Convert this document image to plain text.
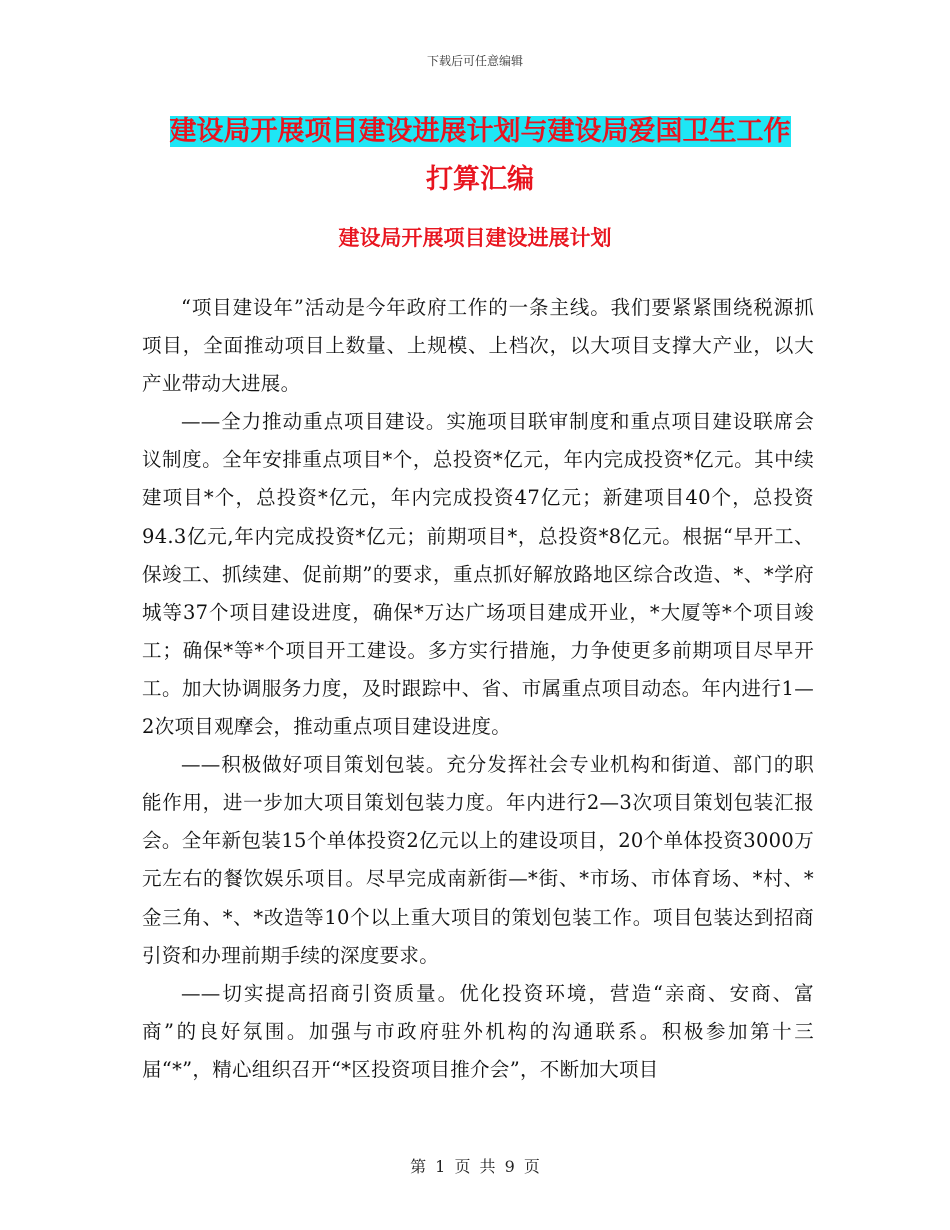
下载后可任意编辑
建设局开展项目建设进展计划与建设局爱国卫生工作
打算汇编
建设局开展项目建设进展计划

“项目建设年”活动是今年政府工作的一条主线。我们要紧紧围绕税源抓项目，全面推动项目上数量、上规模、上档次，以大项目支撑大产业，以大产业带动大进展。

——全力推动重点项目建设。实施项目联审制度和重点项目建设联席会议制度。全年安排重点项目*个，总投资*亿元，年内完成投资*亿元。其中续建项目*个，总投资*亿元，年内完成投资47亿元；新建项目40个，总投资94.3亿元,年内完成投资*亿元；前期项目*，总投资*8亿元。根据“早开工、保竣工、抓续建、促前期”的要求，重点抓好解放路地区综合改造、*、*学府城等37个项目建设进度，确保*万达广场项目建成开业，*大厦等*个项目竣工；确保*等*个项目开工建设。多方实行措施，力争使更多前期项目尽早开工。加大协调服务力度，及时跟踪中、省、市属重点项目动态。年内进行1—2次项目观摩会，推动重点项目建设进度。

——积极做好项目策划包装。充分发挥社会专业机构和街道、部门的职能作用，进一步加大项目策划包装力度。年内进行2—3次项目策划包装汇报会。全年新包装15个单体投资2亿元以上的建设项目，20个单体投资3000万元左右的餐饮娱乐项目。尽早完成南新街—*街、*市场、市体育场、*村、*金三角、*、*改造等10个以上重大项目的策划包装工作。项目包装达到招商引资和办理前期手续的深度要求。

——切实提高招商引资质量。优化投资环境，营造“亲商、安商、富商”的良好氛围。加强与市政府驻外机构的沟通联系。积极参加第十三届“*”，精心组织召开“*区投资项目推介会”，不断加大项目

第 1 页 共 9 页
